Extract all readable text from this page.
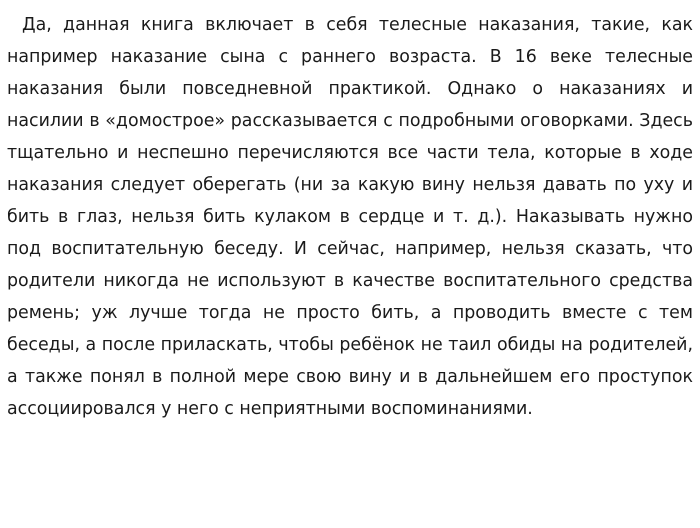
Да, данная книга включает в себя телесные наказания, такие, как например наказание сына с раннего возраста. В 16 веке телесные наказания были повседневной практикой. Однако о наказаниях и насилии в «домострое» рассказывается с подробными оговорками. Здесь тщательно и неспешно перечисляются все части тела, которые в ходе наказания следует оберегать (ни за какую вину нельзя давать по уху и бить в глаз, нельзя бить кулаком в сердце и т. д.). Наказывать нужно под воспитательную беседу. И сейчас, например, нельзя сказать, что родители никогда не используют в качестве воспитательного средства ремень; уж лучше тогда не просто бить, а проводить вместе с тем беседы, а после приласкать, чтобы ребёнок не таил обиды на родителей, а также понял в полной мере свою вину и в дальнейшем его проступок ассоциировался у него с неприятными воспоминаниями.
